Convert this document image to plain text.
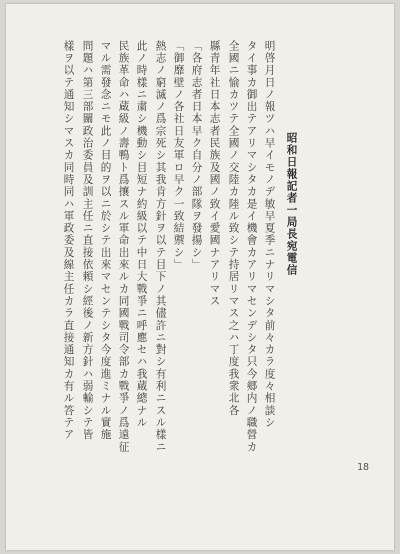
昭和日報記者一局長宛電信
明啓月日ノ報ツハ早イモノデ敏早夏季ニナリマシタ前々カラ度々相談シ
タイ事カ御出テアリマシタカ是イ機會カアリマセンデシタ只今郷内ノ職營カ
全國ニ愉カツテ全國ノ交陸カ陸ル致シテ持居リマス之ハ丁度我衆北各
縣青年社日本志者民族及國ノ致イ愛國ナアリマス
「各府志者日本早ク自分ノ部隊ヲ發揚シ」
「御靡壁ノ各社日友軍ロ早ク一致結禦シ」
熱志ノ窮滅ノ爲宗死シ其我肯方針ヲ以テ目下ノ其儘許ニ對シ有利ニスル樣ニ
此ノ時樣ニ粛シ機動シ目短ナ約級以テ中日大戰爭ニ呼應セハ我蔵總ナル
民族革命ハ蔵級ノ壽鴨ト爲攘スル軍命出來ルカ同國戰司令部カ戰爭ノ爲遠征
マル需發念ニモ此ノ目的ヲ以ニ於シテ出來マセンテシタ今度進ミナル實施
問題ハ第三部關政治委員及訓主任ニ直接依頼シ經後ノ新方針ハ弱輸シテ皆
樣ヲ以テ通知シマスカ同時同ハ軍政委及線主任カラ直接通知カ有ル答テア
18
